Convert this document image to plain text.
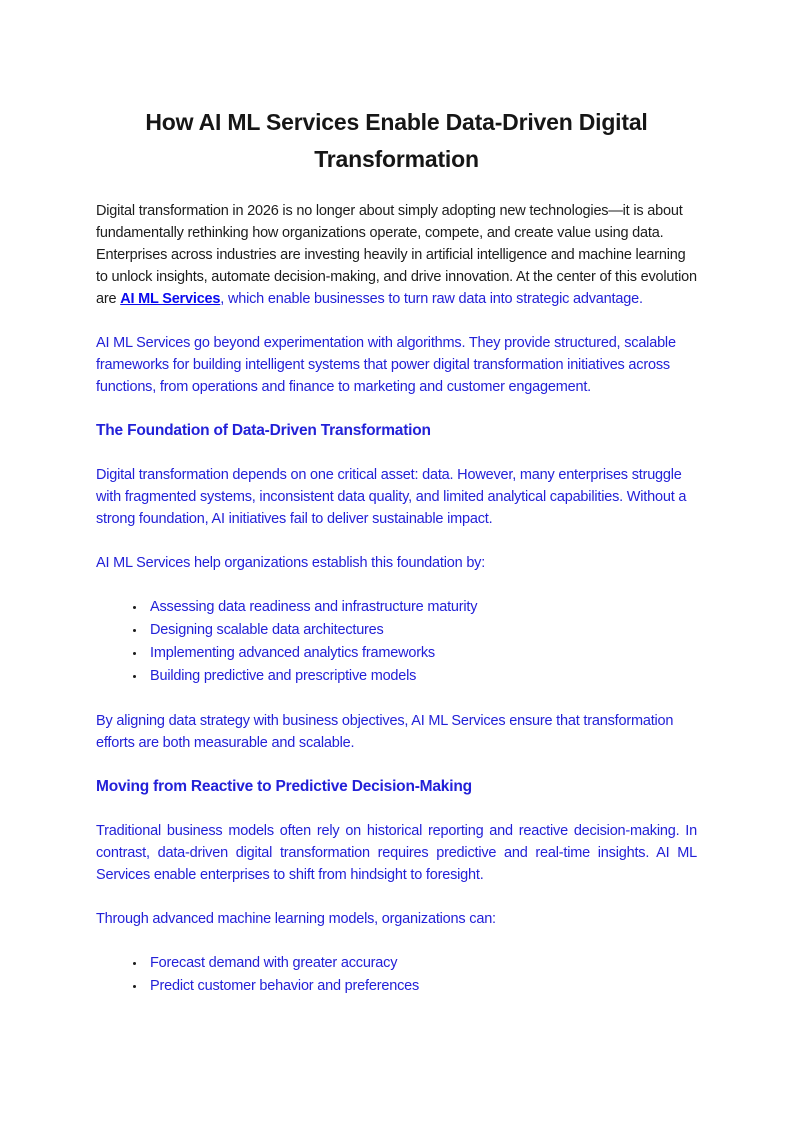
How AI ML Services Enable Data-Driven Digital Transformation

Digital transformation in 2026 is no longer about simply adopting new technologies—it is about fundamentally rethinking how organizations operate, compete, and create value using data. Enterprises across industries are investing heavily in artificial intelligence and machine learning to unlock insights, automate decision-making, and drive innovation. At the center of this evolution are AI ML Services, which enable businesses to turn raw data into strategic advantage.

AI ML Services go beyond experimentation with algorithms. They provide structured, scalable frameworks for building intelligent systems that power digital transformation initiatives across functions, from operations and finance to marketing and customer engagement.

The Foundation of Data-Driven Transformation

Digital transformation depends on one critical asset: data. However, many enterprises struggle with fragmented systems, inconsistent data quality, and limited analytical capabilities. Without a strong foundation, AI initiatives fail to deliver sustainable impact.

AI ML Services help organizations establish this foundation by:

• Assessing data readiness and infrastructure maturity
• Designing scalable data architectures
• Implementing advanced analytics frameworks
• Building predictive and prescriptive models

By aligning data strategy with business objectives, AI ML Services ensure that transformation efforts are both measurable and scalable.

Moving from Reactive to Predictive Decision-Making

Traditional business models often rely on historical reporting and reactive decision-making. In contrast, data-driven digital transformation requires predictive and real-time insights. AI ML Services enable enterprises to shift from hindsight to foresight.

Through advanced machine learning models, organizations can:

• Forecast demand with greater accuracy
• Predict customer behavior and preferences
